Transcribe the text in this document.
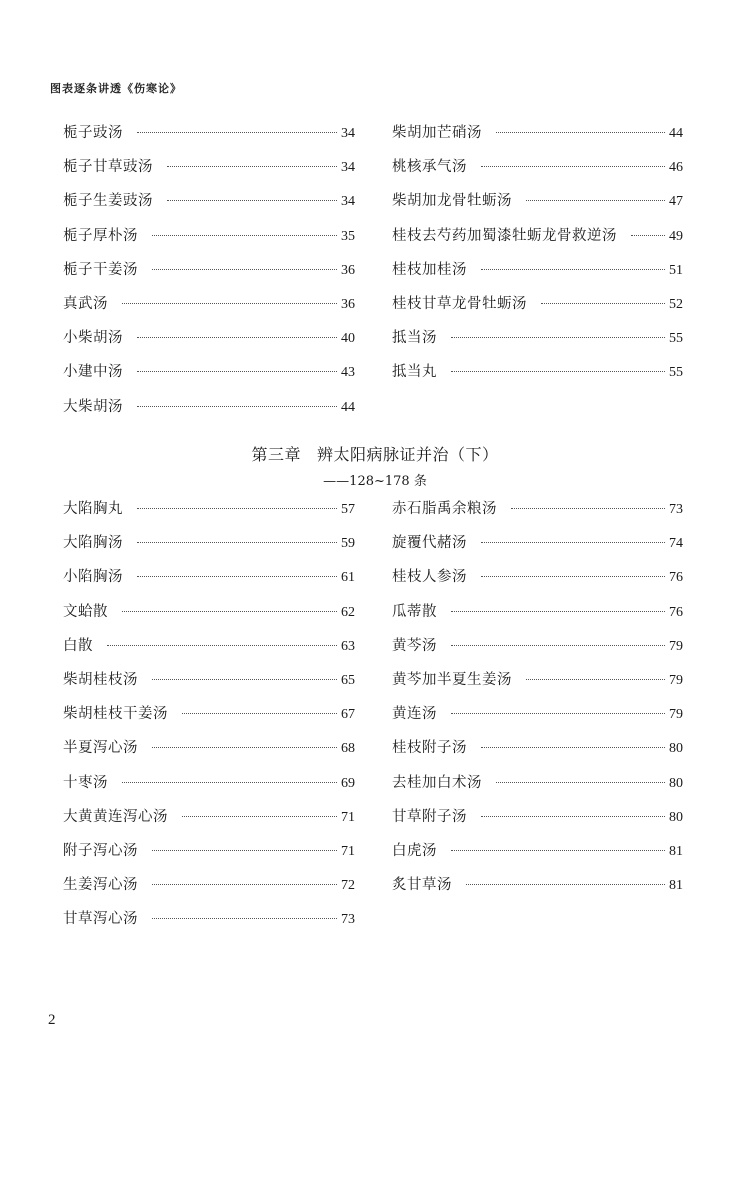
图表逐条讲透《伤寒论》
栀子豉汤	34
栀子甘草豉汤	34
栀子生姜豉汤	34
栀子厚朴汤	35
栀子干姜汤	36
真武汤	36
小柴胡汤	40
小建中汤	43
大柴胡汤	44
柴胡加芒硝汤	44
桃核承气汤	46
柴胡加龙骨牡蛎汤	47
桂枝去芍药加蜀漆牡蛎龙骨救逆汤	49
桂枝加桂汤	51
桂枝甘草龙骨牡蛎汤	52
抵当汤	55
抵当丸	55
第三章 辨太阳病脉证并治（下）
——128~178 条
大陷胸丸	57
大陷胸汤	59
小陷胸汤	61
文蛤散	62
白散	63
柴胡桂枝汤	65
柴胡桂枝干姜汤	67
半夏泻心汤	68
十枣汤	69
大黄黄连泻心汤	71
附子泻心汤	71
生姜泻心汤	72
甘草泻心汤	73
赤石脂禹余粮汤	73
旋覆代赭汤	74
桂枝人参汤	76
瓜蒂散	76
黄芩汤	79
黄芩加半夏生姜汤	79
黄连汤	79
桂枝附子汤	80
去桂加白术汤	80
甘草附子汤	80
白虎汤	81
炙甘草汤	81
2
